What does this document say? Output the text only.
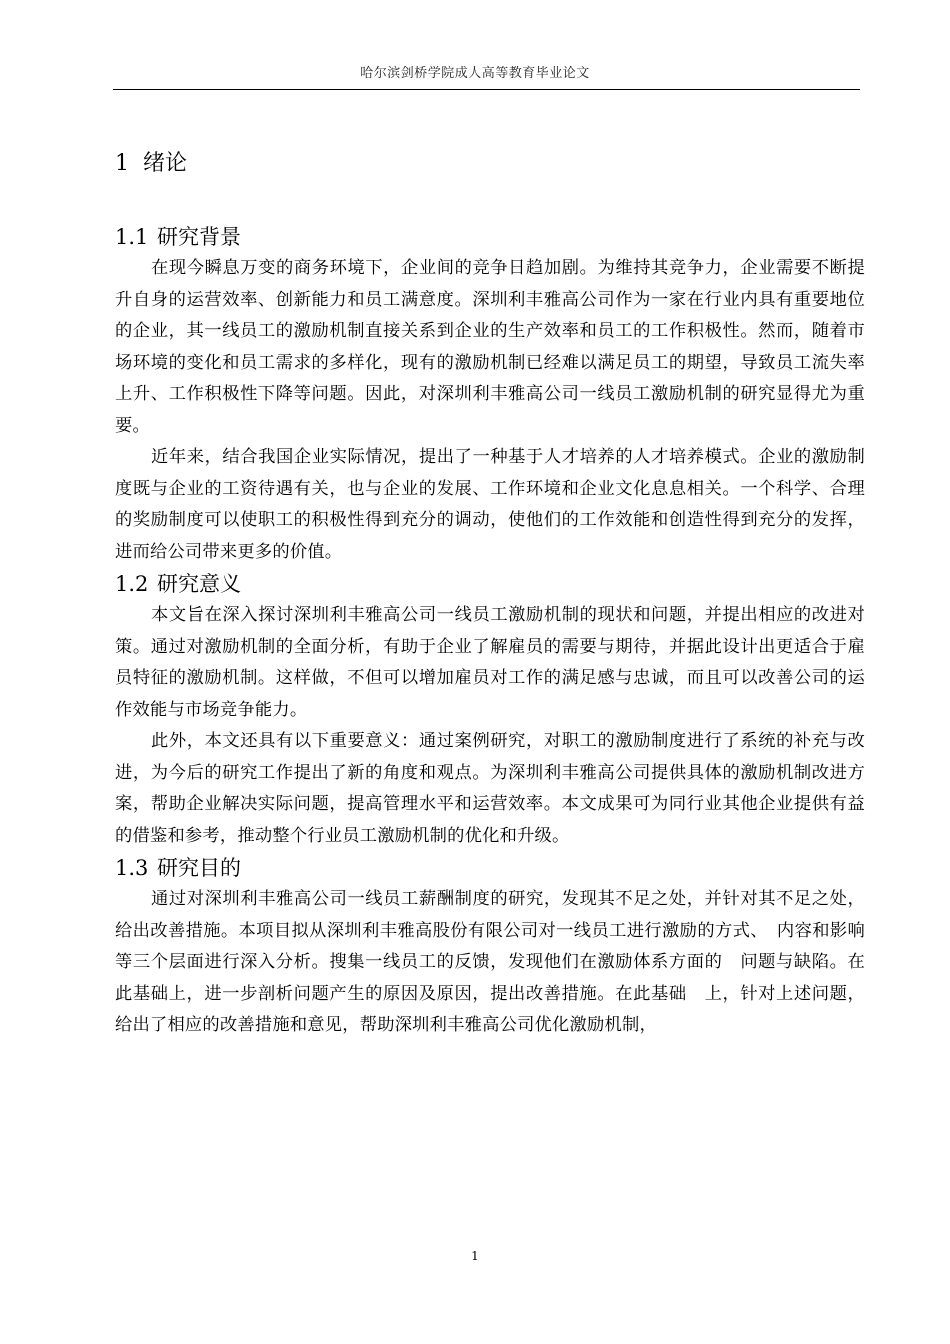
哈尔滨剑桥学院成人高等教育毕业论文
1 绪论
1.1 研究背景

在现今瞬息万变的商务环境下，企业间的竞争日趋加剧。为维持其竞争力，企业需要不断提升自身的运营效率、创新能力和员工满意度。深圳利丰雅高公司作为一家在行业内具有重要地位的企业，其一线员工的激励机制直接关系到企业的生产效率和员工的工作积极性。然而，随着市场环境的变化和员工需求的多样化，现有的激励机制已经难以满足员工的期望，导致员工流失率上升、工作积极性下降等问题。因此，对深圳利丰雅高公司一线员工激励机制的研究显得尤为重要。

近年来，结合我国企业实际情况，提出了一种基于人才培养的人才培养模式。企业的激励制度既与企业的工资待遇有关，也与企业的发展、工作环境和企业文化息息相关。一个科学、合理的奖励制度可以使职工的积极性得到充分的调动，使他们的工作效能和创造性得到充分的发挥，进而给公司带来更多的价值。

1.2 研究意义

本文旨在深入探讨深圳利丰雅高公司一线员工激励机制的现状和问题，并提出相应的改进对策。通过对激励机制的全面分析，有助于企业了解雇员的需要与期待，并据此设计出更适合于雇员特征的激励机制。这样做，不但可以增加雇员对工作的满足感与忠诚，而且可以改善公司的运作效能与市场竞争能力。

此外，本文还具有以下重要意义：通过案例研究，对职工的激励制度进行了系统的补充与改进，为今后的研究工作提出了新的角度和观点。为深圳利丰雅高公司提供具体的激励机制改进方案，帮助企业解决实际问题，提高管理水平和运营效率。本文成果可为同行业其他企业提供有益的借鉴和参考，推动整个行业员工激励机制的优化和升级。

1.3 研究目的

通过对深圳利丰雅高公司一线员工薪酬制度的研究，发现其不足之处，并针对其不足之处，给出改善措施。本项目拟从深圳利丰雅高股份有限公司对一线员工进行激励的方式、　内容和影响等三个层面进行深入分析。搜集一线员工的反馈，发现他们在激励体系方面的　问题与缺陷。在此基础上，进一步剖析问题产生的原因及原因，提出改善措施。在此基础　上，针对上述问题，给出了相应的改善措施和意见，帮助深圳利丰雅高公司优化激励机制，

1
